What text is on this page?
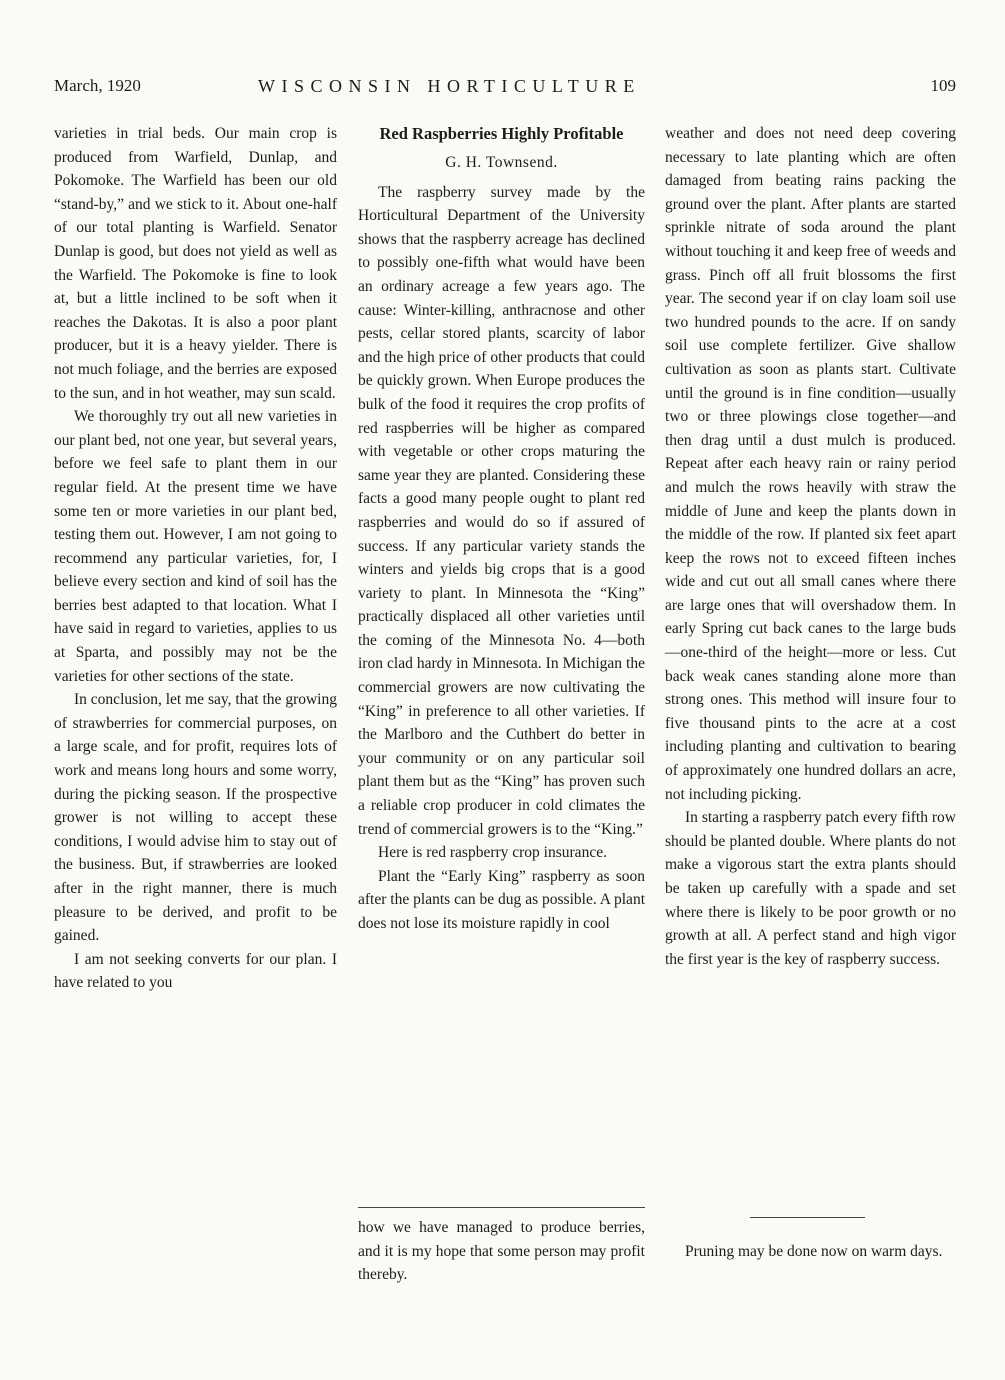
March, 1920	WISCONSIN HORTICULTURE	109

varieties in trial beds. Our main crop is produced from Warfield, Dunlap, and Pokomoke. The Warfield has been our old “stand-by,” and we stick to it. About one-half of our total planting is Warfield. Senator Dunlap is good, but does not yield as well as the Warfield. The Pokomoke is fine to look at, but a little inclined to be soft when it reaches the Dakotas. It is also a poor plant producer, but it is a heavy yielder. There is not much foliage, and the berries are exposed to the sun, and in hot weather, may sun scald.

We thoroughly try out all new varieties in our plant bed, not one year, but several years, before we feel safe to plant them in our regular field. At the present time we have some ten or more varieties in our plant bed, testing them out. However, I am not going to recommend any particular varieties, for, I believe every section and kind of soil has the berries best adapted to that location. What I have said in regard to varieties, applies to us at Sparta, and possibly may not be the varieties for other sections of the state.

In conclusion, let me say, that the growing of strawberries for commercial purposes, on a large scale, and for profit, requires lots of work and means long hours and some worry, during the picking season. If the prospective grower is not willing to accept these conditions, I would advise him to stay out of the business. But, if strawberries are looked after in the right manner, there is much pleasure to be derived, and profit to be gained.

I am not seeking converts for our plan. I have related to you

Red Raspberries Highly Profitable
G. H. Townsend.

The raspberry survey made by the Horticultural Department of the University shows that the raspberry acreage has declined to possibly one-fifth what would have been an ordinary acreage a few years ago. The cause: Winter-killing, anthracnose and other pests, cellar stored plants, scarcity of labor and the high price of other products that could be quickly grown. When Europe produces the bulk of the food it requires the crop profits of red raspberries will be higher as compared with vegetable or other crops maturing the same year they are planted. Considering these facts a good many people ought to plant red raspberries and would do so if assured of success. If any particular variety stands the winters and yields big crops that is a good variety to plant. In Minnesota the “King” practically displaced all other varieties until the coming of the Minnesota No. 4—both iron clad hardy in Minnesota. In Michigan the commercial growers are now cultivating the “King” in preference to all other varieties. If the Marlboro and the Cuthbert do better in your community or on any particular soil plant them but as the “King” has proven such a reliable crop producer in cold climates the trend of commercial growers is to the “King.”

Here is red raspberry crop insurance.

Plant the “Early King” raspberry as soon after the plants can be dug as possible. A plant does not lose its moisture rapidly in cool

how we have managed to produce berries, and it is my hope that some person may profit thereby.

weather and does not need deep covering necessary to late planting which are often damaged from beating rains packing the ground over the plant. After plants are started sprinkle nitrate of soda around the plant without touching it and keep free of weeds and grass. Pinch off all fruit blossoms the first year. The second year if on clay loam soil use two hundred pounds to the acre. If on sandy soil use complete fertilizer. Give shallow cultivation as soon as plants start. Cultivate until the ground is in fine condition—usually two or three plowings close together—and then drag until a dust mulch is produced. Repeat after each heavy rain or rainy period and mulch the rows heavily with straw the middle of June and keep the plants down in the middle of the row. If planted six feet apart keep the rows not to exceed fifteen inches wide and cut out all small canes where there are large ones that will overshadow them. In early Spring cut back canes to the large buds—one-third of the height—more or less. Cut back weak canes standing alone more than strong ones. This method will insure four to five thousand pints to the acre at a cost including planting and cultivation to bearing of approximately one hundred dollars an acre, not including picking.

In starting a raspberry patch every fifth row should be planted double. Where plants do not make a vigorous start the extra plants should be taken up carefully with a spade and set where there is likely to be poor growth or no growth at all. A perfect stand and high vigor the first year is the key of raspberry success.

Pruning may be done now on warm days.
